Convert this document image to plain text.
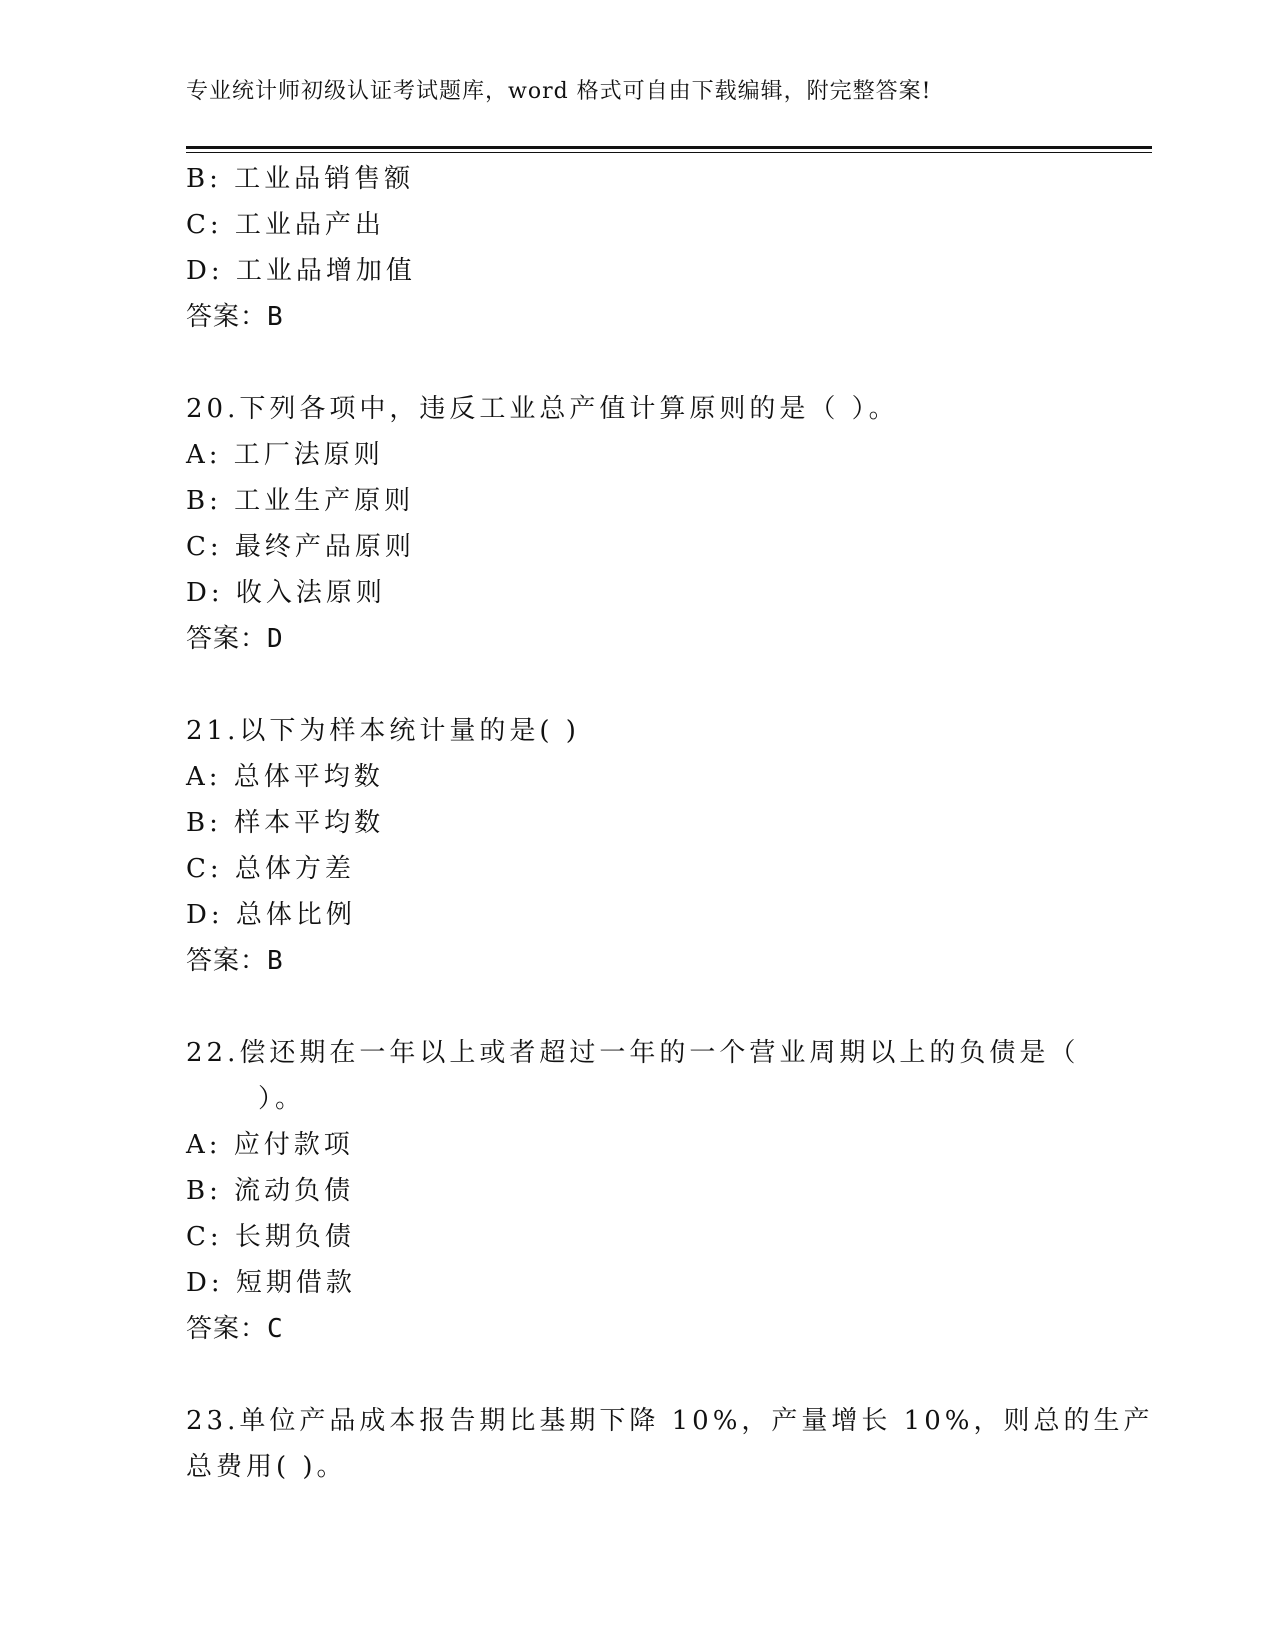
专业统计师初级认证考试题库，word 格式可自由下载编辑，附完整答案!
B: 工业品销售额
C: 工业品产出
D: 工业品增加值
答案：B
20.下列各项中，违反工业总产值计算原则的是（ ）。
A: 工厂法原则
B: 工业生产原则
C: 最终产品原则
D: 收入法原则
答案：D
21.以下为样本统计量的是( )
A: 总体平均数
B: 样本平均数
C: 总体方差
D: 总体比例
答案：B
22.偿还期在一年以上或者超过一年的一个营业周期以上的负债是（
）。
A: 应付款项
B: 流动负债
C: 长期负债
D: 短期借款
答案：C
23.单位产品成本报告期比基期下降 10%，产量增长 10%，则总的生产
总费用( )。
